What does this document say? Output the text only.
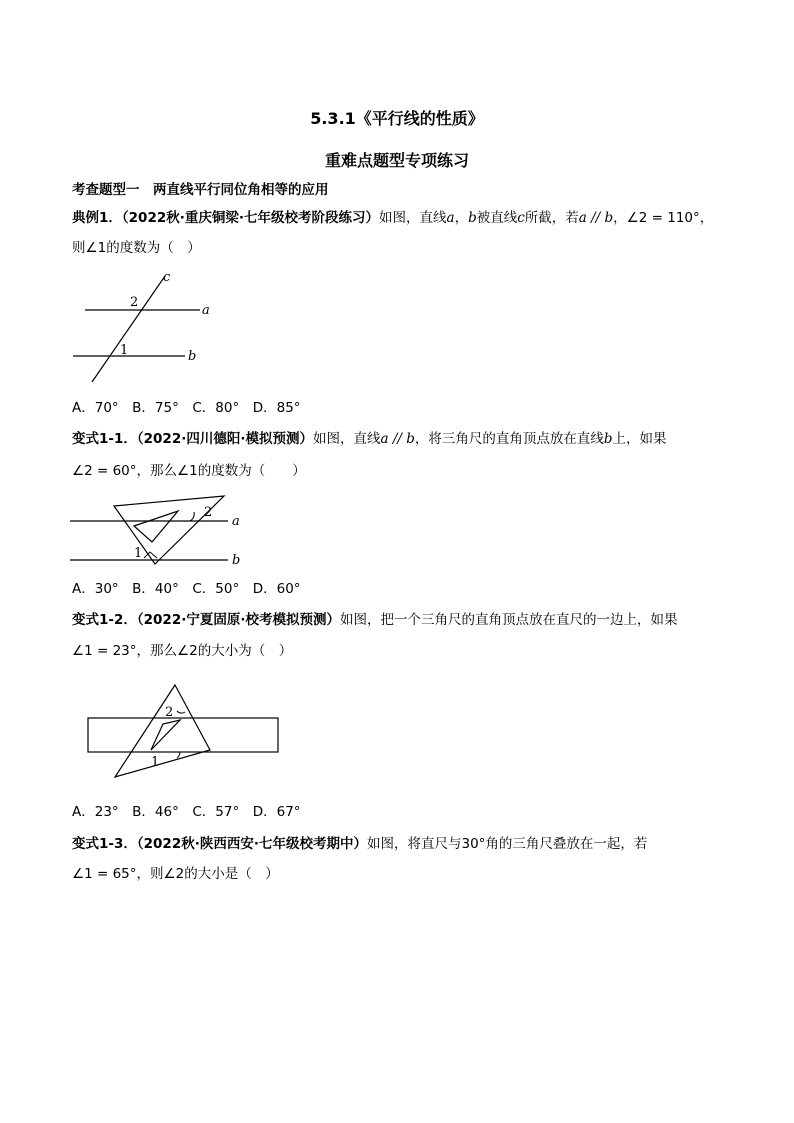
5.3.1《平行线的性质》
重难点题型专项练习
考查题型一　两直线平行同位角相等的应用
典例1．（2022秋·重庆铜梁·七年级校考阶段练习）如图，直线a，b被直线c所截，若a // b，∠2 = 110°，
则∠1的度数为（　）
c
a
b
2
1
A．70°　B．75°　C．80°　D．85°
变式1-1．（2022·四川德阳·模拟预测）如图，直线a // b，将三角尺的直角顶点放在直线b上，如果
∠2 = 60°，那么∠1的度数为（　　）
2
1
a
b
A．30°　B．40°　C．50°　D．60°
变式1-2．（2022·宁夏固原·校考模拟预测）如图，把一个三角尺的直角顶点放在直尺的一边上，如果
∠1 = 23°，那么∠2的大小为（　）
2
1
A．23°　B．46°　C．57°　D．67°
变式1-3．（2022秋·陕西西安·七年级校考期中）如图，将直尺与30°角的三角尺叠放在一起，若
∠1 = 65°，则∠2的大小是（　）
